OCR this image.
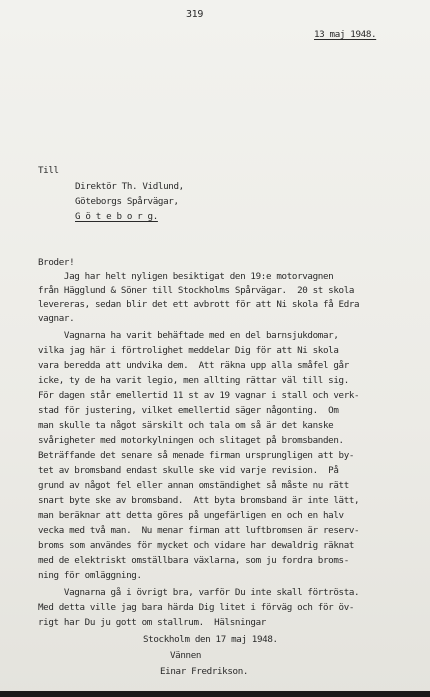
319
13 maj 1948.
Till
Direktör Th. Vidlund,
Göteborgs Spårvägar,
G ö t e b o r g.
Broder!
Jag har helt nyligen besiktigat den 19:e motorvagnen
från Hägglund & Söner till Stockholms Spårvägar.  20 st skola
levereras, sedan blir det ett avbrott för att Ni skola få Edra
vagnar.
Vagnarna ha varit behäftade med en del barnsjukdomar,
vilka jag här i förtrolighet meddelar Dig för att Ni skola
vara beredda att undvika dem.  Att räkna upp alla småfel går
icke, ty de ha varit legio, men allting rättar väl till sig.
För dagen står emellertid 11 st av 19 vagnar i stall och verk-
stad för justering, vilket emellertid säger någonting.  Om
man skulle ta något särskilt och tala om så är det kanske
svårigheter med motorkylningen och slitaget på bromsbanden.
Beträffande det senare så menade firman ursprungligen att by-
tet av bromsband endast skulle ske vid varje revision.  På
grund av något fel eller annan omständighet så måste nu rätt
snart byte ske av bromsband.  Att byta bromsband är inte lätt,
man beräknar att detta göres på ungefärligen en och en halv
vecka med två man.  Nu menar firman att luftbromsen är reserv-
broms som användes för mycket och vidare har dewaldrig räknat
med de elektriskt omställbara växlarna, som ju fordra broms-
ning för omläggning.
Vagnarna gå i övrigt bra, varför Du inte skall förtrösta.
Med detta ville jag bara härda Dig litet i förväg och för öv-
rigt har Du ju gott om stallrum.  Hälsningar
Stockholm den 17 maj 1948.
Vännen
Einar Fredrikson.
